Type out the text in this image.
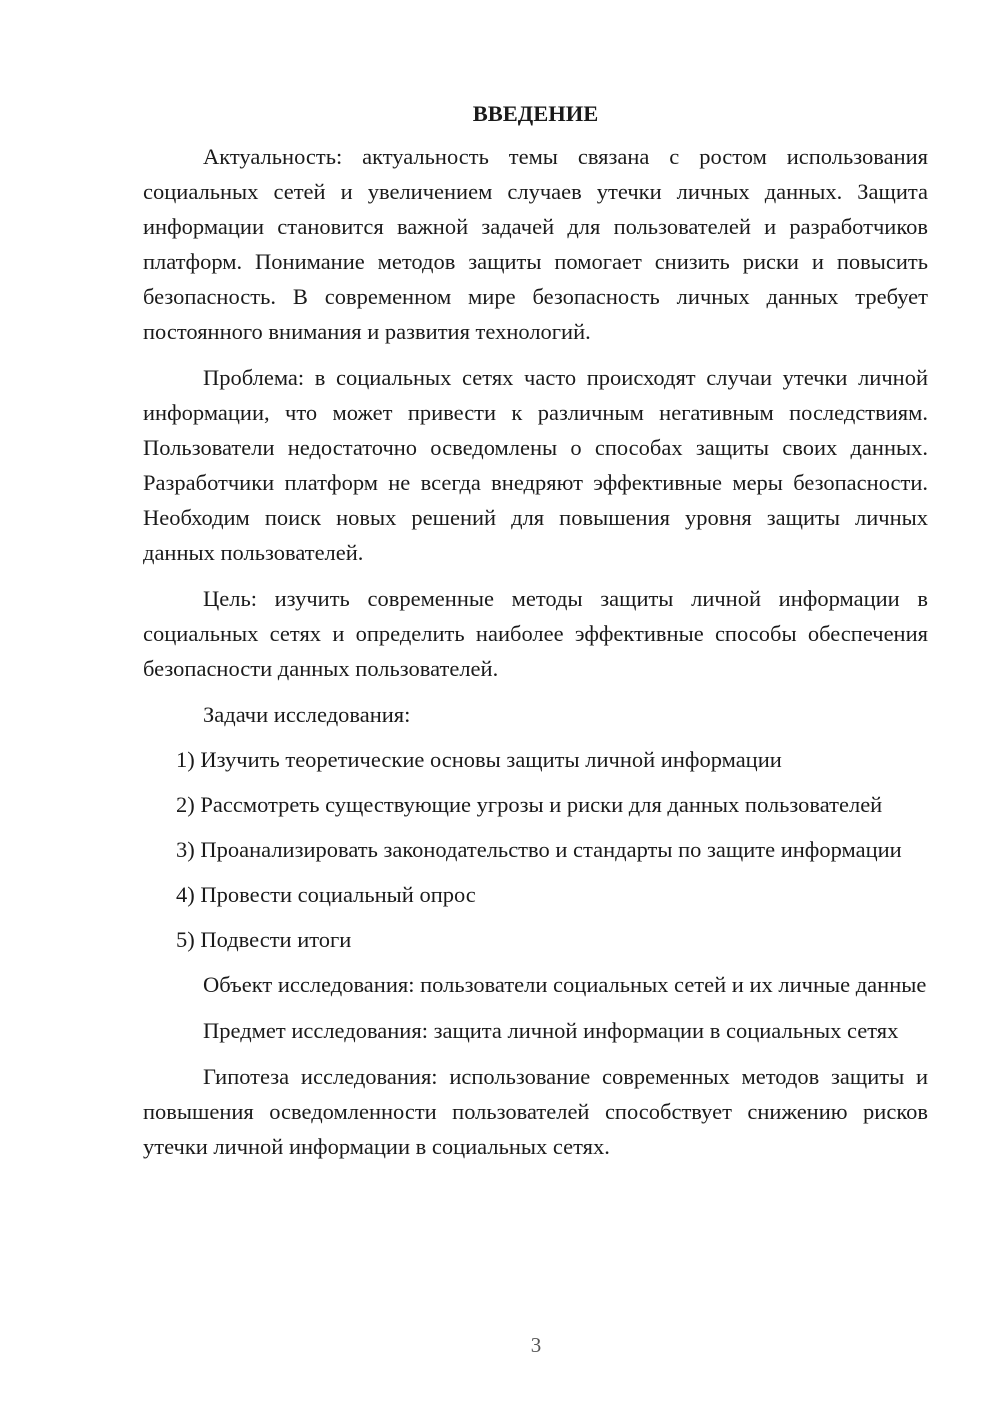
ВВЕДЕНИЕ

Актуальность: актуальность темы связана с ростом использования социальных сетей и увеличением случаев утечки личных данных. Защита информации становится важной задачей для пользователей и разработчиков платформ. Понимание методов защиты помогает снизить риски и повысить безопасность. В современном мире безопасность личных данных требует постоянного внимания и развития технологий.

Проблема: в социальных сетях часто происходят случаи утечки личной информации, что может привести к различным негативным последствиям. Пользователи недостаточно осведомлены о способах защиты своих данных. Разработчики платформ не всегда внедряют эффективные меры безопасности. Необходим поиск новых решений для повышения уровня защиты личных данных пользователей.

Цель: изучить современные методы защиты личной информации в социальных сетях и определить наиболее эффективные способы обеспечения безопасности данных пользователей.

Задачи исследования:

1) Изучить теоретические основы защиты личной информации

2) Рассмотреть существующие угрозы и риски для данных пользователей

3) Проанализировать законодательство и стандарты по защите информации

4) Провести социальный опрос

5) Подвести итоги

Объект исследования: пользователи социальных сетей и их личные данные

Предмет исследования: защита личной информации в социальных сетях

Гипотеза исследования: использование современных методов защиты и повышения осведомленности пользователей способствует снижению рисков утечки личной информации в социальных сетях.

3
